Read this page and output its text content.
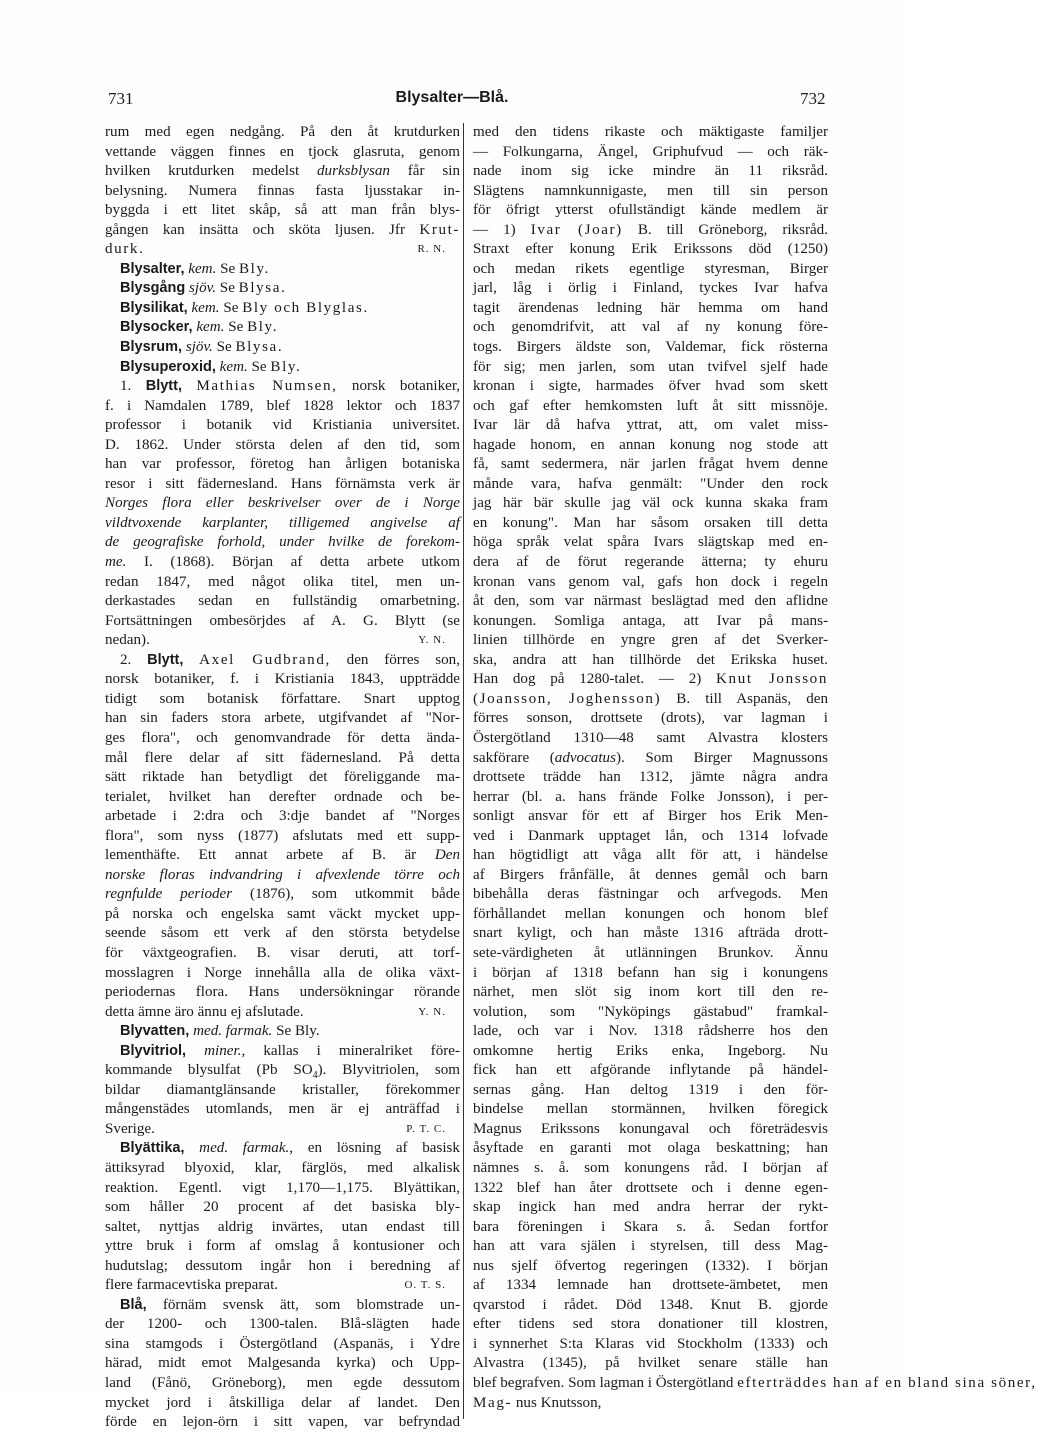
731	Blysalter—Blå.	732
rum med egen nedgång. På den åt krutdurken
vettande väggen finnes en tjock glasruta, genom
hvilken krutdurken medelst durksblysan får sin
belysning. Numera finnas fasta ljusstakar in-
byggda i ett litet skåp, så att man från blys-
gången kan insätta och sköta ljusen. Jfr Krut-
durk.	R. N.
Blysalter, kem. Se Bly.
Blysgång sjöv. Se Blysa.
Blysilikat, kem. Se Bly och Blyglas.
Blysocker, kem. Se Bly.
Blysrum, sjöv. Se Blysa.
Blysuperoxid, kem. Se Bly.
1. Blytt, Mathias Numsen, norsk botaniker,
f. i Namdalen 1789, blef 1828 lektor och 1837
professor i botanik vid Kristiania universitet.
D. 1862. Under största delen af den tid, som
han var professor, företog han årligen botaniska
resor i sitt fädernesland. Hans förnämsta verk är
Norges flora eller beskrivelser over de i Norge
vildtvoxende karplanter, tilligemed angivelse af
de geografiske forhold, under hvilke de forekom-
me. I. (1868). Början af detta arbete utkom
redan 1847, med något olika titel, men un-
derkastades sedan en fullständig omarbetning.
Fortsättningen ombesörjdes af A. G. Blytt (se
nedan).	Y. N.
2. Blytt, Axel Gudbrand, den förres son,
norsk botaniker, f. i Kristiania 1843, uppträdde
tidigt som botanisk författare. Snart upptog
han sin faders stora arbete, utgifvandet af "Nor-
ges flora", och genomvandrade för detta ända-
mål flere delar af sitt fädernesland. På detta
sätt riktade han betydligt det föreliggande ma-
terialet, hvilket han derefter ordnade och be-
arbetade i 2:dra och 3:dje bandet af "Norges
flora", som nyss (1877) afslutats med ett supp-
lementhäfte. Ett annat arbete af B. är Den
norske floras indvandring i afvexlende törre och
regnfulde perioder (1876), som utkommit både
på norska och engelska samt väckt mycket upp-
seende såsom ett verk af den största betydelse
för växtgeografien. B. visar deruti, att torf-
mosslagren i Norge innehålla alla de olika växt-
periodernas flora. Hans undersökningar rörande
detta ämne äro ännu ej afslutade.	Y. N.
Blyvatten, med. farmak. Se Bly.
Blyvitriol, miner., kallas i mineralriket före-
kommande blysulfat (Pb $SO_4$). Blyvitriolen, som
bildar diamantglänsande kristaller, förekommer
mångenstädes utomlands, men är ej anträffad i
Sverige.	P. T. C.
Blyättika, med. farmak., en lösning af basisk
ättiksyrad blyoxid, klar, färglös, med alkalisk
reaktion. Egentl. vigt 1,170—1,175. Blyättikan,
som håller 20 procent af det basiska bly-
saltet, nyttjas aldrig invärtes, utan endast till
yttre bruk i form af omslag å kontusioner och
hudutslag; dessutom ingår hon i beredning af
flere farmacevtiska preparat.	O. T. S.
Blå, förnäm svensk ätt, som blomstrade un-
der 1200- och 1300-talen. Blå-slägten hade
sina stamgods i Östergötland (Aspanäs, i Ydre
härad, midt emot Malgesanda kyrka) och Upp-
land (Fånö, Gröneborg), men egde dessutom
mycket jord i åtskilliga delar af landet. Den
förde en lejon-örn i sitt vapen, var befryndad
med den tidens rikaste och mäktigaste familjer
— Folkungarna, Ängel, Griphufvud — och räk-
nade inom sig icke mindre än 11 riksråd.
Slägtens namnkunnigaste, men till sin person
för öfrigt ytterst ofullständigt kände medlem är
— 1) Ivar (Joar) B. till Gröneborg, riksråd.
Straxt efter konung Erik Erikssons död (1250)
och medan rikets egentlige styresman, Birger
jarl, låg i örlig i Finland, tyckes Ivar hafva
tagit ärendenas ledning här hemma om hand
och genomdrifvit, att val af ny konung före-
togs. Birgers äldste son, Valdemar, fick rösterna
för sig; men jarlen, som utan tvifvel sjelf hade
kronan i sigte, harmades öfver hvad som skett
och gaf efter hemkomsten luft åt sitt missnöje.
Ivar lär då hafva yttrat, att, om valet miss-
hagade honom, en annan konung nog stode att
få, samt sedermera, när jarlen frågat hvem denne
månde vara, hafva genmält: "Under den rock
jag här bär skulle jag väl ock kunna skaka fram
en konung". Man har såsom orsaken till detta
höga språk velat spåra Ivars slägtskap med en-
dera af de förut regerande ätterna; ty ehuru
kronan vans genom val, gafs hon dock i regeln
åt den, som var närmast beslägtad med den aflidne
konungen. Somliga antaga, att Ivar på mans-
linien tillhörde en yngre gren af det Sverker-
ska, andra att han tillhörde det Erikska huset.
Han dog på 1280-talet. — 2) Knut Jonsson
(Joansson, Joghensson) B. till Aspanäs, den
förres sonson, drottsete (drots), var lagman i
Östergötland 1310—48 samt Alvastra klosters
sakförare (advocatus). Som Birger Magnussons
drottsete trädde han 1312, jämte några andra
herrar (bl. a. hans frände Folke Jonsson), i per-
sonligt ansvar för ett af Birger hos Erik Men-
ved i Danmark upptaget lån, och 1314 lofvade
han högtidligt att våga allt för att, i händelse
af Birgers frånfälle, åt dennes gemål och barn
bibehålla deras fästningar och arfvegods. Men
förhållandet mellan konungen och honom blef
snart kyligt, och han måste 1316 afträda drott-
sete-värdigheten åt utlänningen Brunkov. Ännu
i början af 1318 befann han sig i konungens
närhet, men slöt sig inom kort till den re-
volution, som "Nyköpings gästabud" framkal-
lade, och var i Nov. 1318 rådsherre hos den
omkomne hertig Eriks enka, Ingeborg. Nu
fick han ett afgörande inflytande på händel-
sernas gång. Han deltog 1319 i den för-
bindelse mellan stormännen, hvilken föregick
Magnus Erikssons konungaval och företrädesvis
åsyftade en garanti mot olaga beskattning; han
nämnes s. å. som konungens råd. I början af
1322 blef han åter drottsete och i denne egen-
skap ingick han med andra herrar der rykt-
bara föreningen i Skara s. å. Sedan fortfor
han att vara själen i styrelsen, till dess Mag-
nus sjelf öfvertog regeringen (1332). I början
af 1334 lemnade han drottsete-ämbetet, men
qvarstod i rådet. Död 1348. Knut B. gjorde
efter tidens sed stora donationer till klostren,
i synnerhet S:ta Klaras vid Stockholm (1333) och
Alvastra (1345), på hvilket senare ställe han
blef begrafven. Som lagman i Östergötland efterträddes han af en bland sina söner,
Mag- nus Knutsson,
